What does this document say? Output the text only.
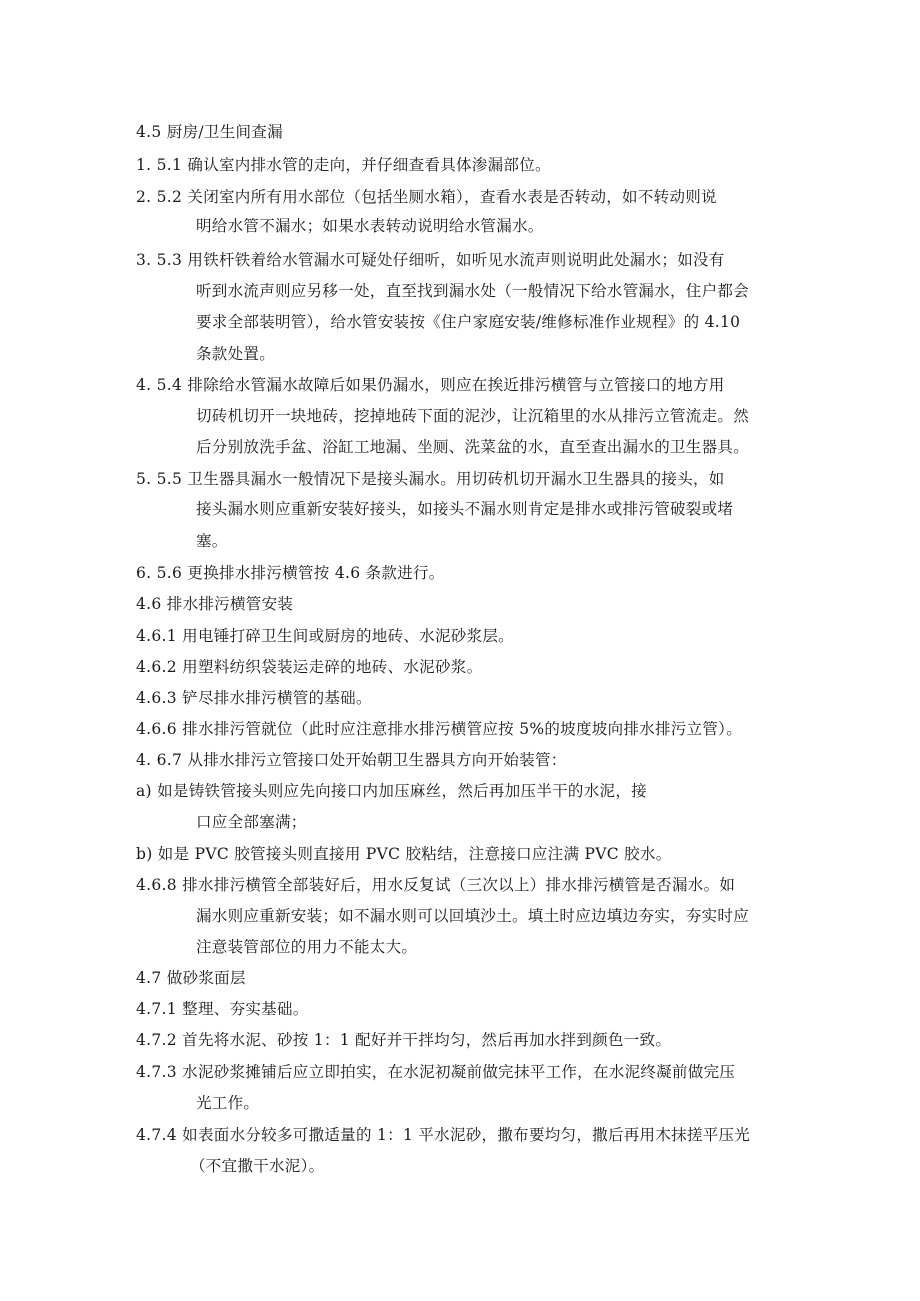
4.5 厨房/卫生间查漏
1. 5.1 确认室内排水管的走向，并仔细查看具体渗漏部位。
2. 5.2 关闭室内所有用水部位（包括坐厕水箱），查看水表是否转动，如不转动则说
明给水管不漏水；如果水表转动说明给水管漏水。
3. 5.3 用铁杆铁着给水管漏水可疑处仔细听，如听见水流声则说明此处漏水；如没有
听到水流声则应另移一处，直至找到漏水处（一般情况下给水管漏水，住户都会
要求全部装明管），给水管安装按《住户家庭安装/维修标准作业规程》的 4.10
条款处置。
4. 5.4 排除给水管漏水故障后如果仍漏水，则应在挨近排污横管与立管接口的地方用
切砖机切开一块地砖，挖掉地砖下面的泥沙，让沉箱里的水从排污立管流走。然
后分别放洗手盆、浴缸工地漏、坐厕、洗菜盆的水，直至查出漏水的卫生器具。
5. 5.5 卫生器具漏水一般情况下是接头漏水。用切砖机切开漏水卫生器具的接头，如
接头漏水则应重新安装好接头，如接头不漏水则肯定是排水或排污管破裂或堵
塞。
6. 5.6 更换排水排污横管按 4.6 条款进行。
4.6 排水排污横管安装
4.6.1 用电锤打碎卫生间或厨房的地砖、水泥砂浆层。
4.6.2 用塑料纺织袋装运走碎的地砖、水泥砂浆。
4.6.3 铲尽排水排污横管的基础。
4.6.6 排水排污管就位（此时应注意排水排污横管应按 5%的坡度坡向排水排污立管）。
4. 6.7 从排水排污立管接口处开始朝卫生器具方向开始装管：
a) 如是铸铁管接头则应先向接口内加压麻丝，然后再加压半干的水泥，接
口应全部塞满；
b) 如是 PVC 胶管接头则直接用 PVC 胶粘结，注意接口应注满 PVC 胶水。
4.6.8 排水排污横管全部装好后，用水反复试（三次以上）排水排污横管是否漏水。如
漏水则应重新安装；如不漏水则可以回填沙土。填土时应边填边夯实，夯实时应
注意装管部位的用力不能太大。
4.7 做砂浆面层
4.7.1 整理、夯实基础。
4.7.2 首先将水泥、砂按 1：1 配好并干拌均匀，然后再加水拌到颜色一致。
4.7.3 水泥砂浆摊铺后应立即拍实，在水泥初凝前做完抹平工作，在水泥终凝前做完压
光工作。
4.7.4 如表面水分较多可撒适量的 1：1 平水泥砂，撒布要均匀，撒后再用木抹搓平压光
（不宜撒干水泥）。
